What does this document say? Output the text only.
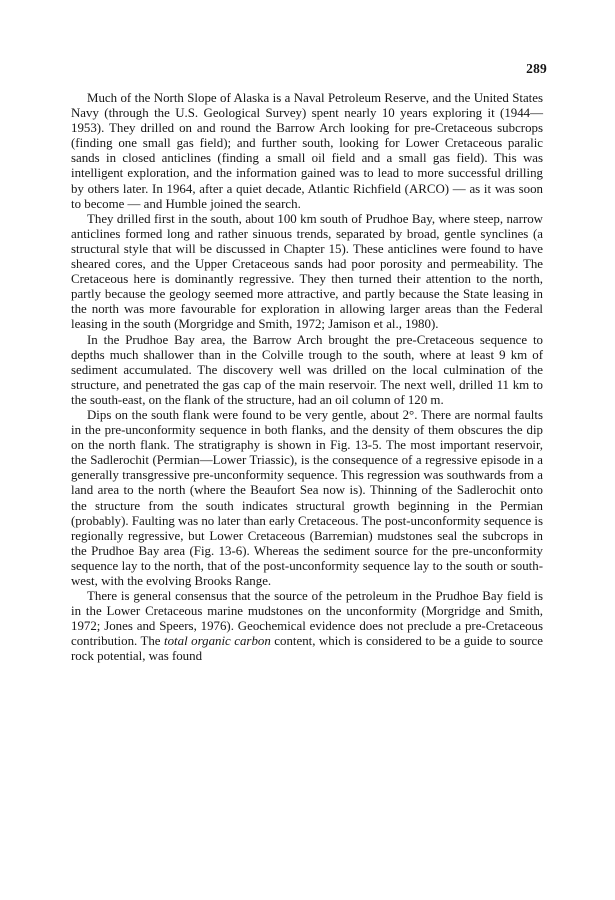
289

Much of the North Slope of Alaska is a Naval Petroleum Reserve, and the United States Navy (through the U.S. Geological Survey) spent nearly 10 years exploring it (1944—1953). They drilled on and round the Barrow Arch looking for pre-Cretaceous subcrops (finding one small gas field); and further south, looking for Lower Cretaceous paralic sands in closed anticlines (finding a small oil field and a small gas field). This was intelligent exploration, and the information gained was to lead to more successful drilling by others later. In 1964, after a quiet decade, Atlantic Richfield (ARCO) — as it was soon to become — and Humble joined the search.

They drilled first in the south, about 100 km south of Prudhoe Bay, where steep, narrow anticlines formed long and rather sinuous trends, separated by broad, gentle synclines (a structural style that will be discussed in Chapter 15). These anticlines were found to have sheared cores, and the Upper Cretaceous sands had poor porosity and permeability. The Cretaceous here is dominantly regressive. They then turned their attention to the north, partly because the geology seemed more attractive, and partly because the State leasing in the north was more favourable for exploration in allowing larger areas than the Federal leasing in the south (Morgridge and Smith, 1972; Jamison et al., 1980).

In the Prudhoe Bay area, the Barrow Arch brought the pre-Cretaceous sequence to depths much shallower than in the Colville trough to the south, where at least 9 km of sediment accumulated. The discovery well was drilled on the local culmination of the structure, and penetrated the gas cap of the main reservoir. The next well, drilled 11 km to the south-east, on the flank of the structure, had an oil column of 120 m.

Dips on the south flank were found to be very gentle, about 2°. There are normal faults in the pre-unconformity sequence in both flanks, and the density of them obscures the dip on the north flank. The stratigraphy is shown in Fig. 13-5. The most important reservoir, the Sadlerochit (Permian—Lower Triassic), is the consequence of a regressive episode in a generally transgressive pre-unconformity sequence. This regression was southwards from a land area to the north (where the Beaufort Sea now is). Thinning of the Sadlerochit onto the structure from the south indicates structural growth beginning in the Permian (probably). Faulting was no later than early Cretaceous. The post-unconformity sequence is regionally regressive, but Lower Cretaceous (Barremian) mudstones seal the subcrops in the Prudhoe Bay area (Fig. 13-6). Whereas the sediment source for the pre-unconformity sequence lay to the north, that of the post-unconformity sequence lay to the south or southwest, with the evolving Brooks Range.

There is general consensus that the source of the petroleum in the Prudhoe Bay field is in the Lower Cretaceous marine mudstones on the unconformity (Morgridge and Smith, 1972; Jones and Speers, 1976). Geochemical evidence does not preclude a pre-Cretaceous contribution. The total organic carbon content, which is considered to be a guide to source rock potential, was found
